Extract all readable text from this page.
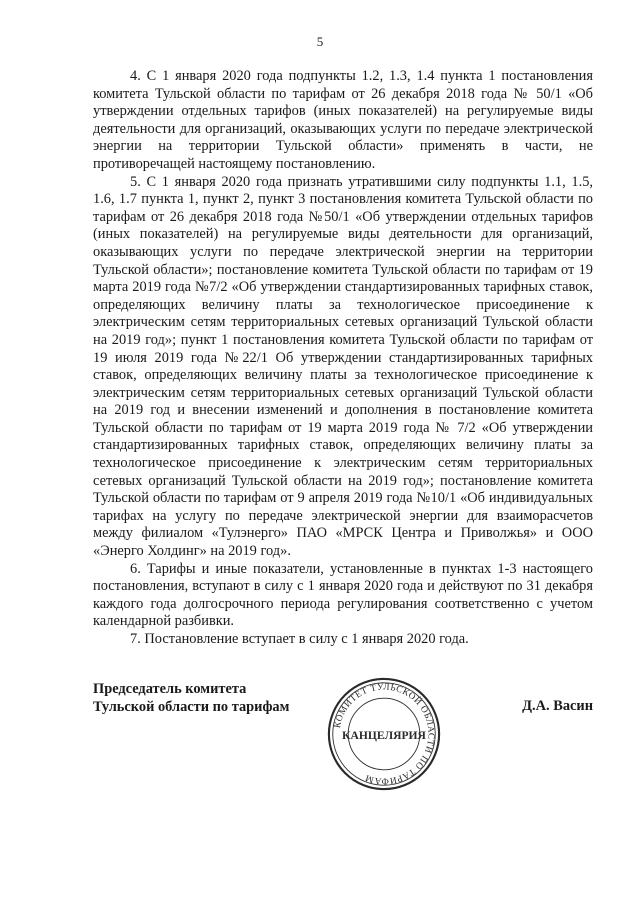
5

4. С 1 января 2020 года подпункты 1.2, 1.3, 1.4 пункта 1 постановления комитета Тульской области по тарифам от 26 декабря 2018 года № 50/1 «Об утверждении отдельных тарифов (иных показателей) на регулируемые виды деятельности для организаций, оказывающих услуги по передаче электрической энергии на территории Тульской области» применять в части, не противоречащей настоящему постановлению.

5. С 1 января 2020 года признать утратившими силу подпункты 1.1, 1.5, 1.6, 1.7 пункта 1, пункт 2, пункт 3 постановления комитета Тульской области по тарифам от 26 декабря 2018 года №50/1 «Об утверждении отдельных тарифов (иных показателей) на регулируемые виды деятельности для организаций, оказывающих услуги по передаче электрической энергии на территории Тульской области»; постановление комитета Тульской области по тарифам от 19 марта 2019 года №7/2 «Об утверждении стандартизированных тарифных ставок, определяющих величину платы за технологическое присоединение к электрическим сетям территориальных сетевых организаций Тульской области на 2019 год»; пункт 1 постановления комитета Тульской области по тарифам от 19 июля 2019 года №22/1 Об утверждении стандартизированных тарифных ставок, определяющих величину платы за технологическое присоединение к электрическим сетям территориальных сетевых организаций Тульской области на 2019 год и внесении изменений и дополнения в постановление комитета Тульской области по тарифам от 19 марта 2019 года № 7/2 «Об утверждении стандартизированных тарифных ставок, определяющих величину платы за технологическое присоединение к электрическим сетям территориальных сетевых организаций Тульской области на 2019 год»; постановление комитета Тульской области по тарифам от 9 апреля 2019 года №10/1 «Об индивидуальных тарифах на услугу по передаче электрической энергии для взаиморасчетов между филиалом «Тулэнерго» ПАО «МРСК Центра и Приволжья» и ООО «Энерго Холдинг» на 2019 год».

6. Тарифы и иные показатели, установленные в пунктах 1-3 настоящего постановления, вступают в силу с 1 января 2020 года и действуют по 31 декабря каждого года долгосрочного периода регулирования соответственно с учетом календарной разбивки.

7. Постановление вступает в силу с 1 января 2020 года.

Председатель комитета
Тульской области по тарифам
КОМИТЕТ ТУЛЬСКОЙ ОБЛАСТИ ПО ТАРИФАМ
КАНЦЕЛЯРИЯ
Д.А. Васин
